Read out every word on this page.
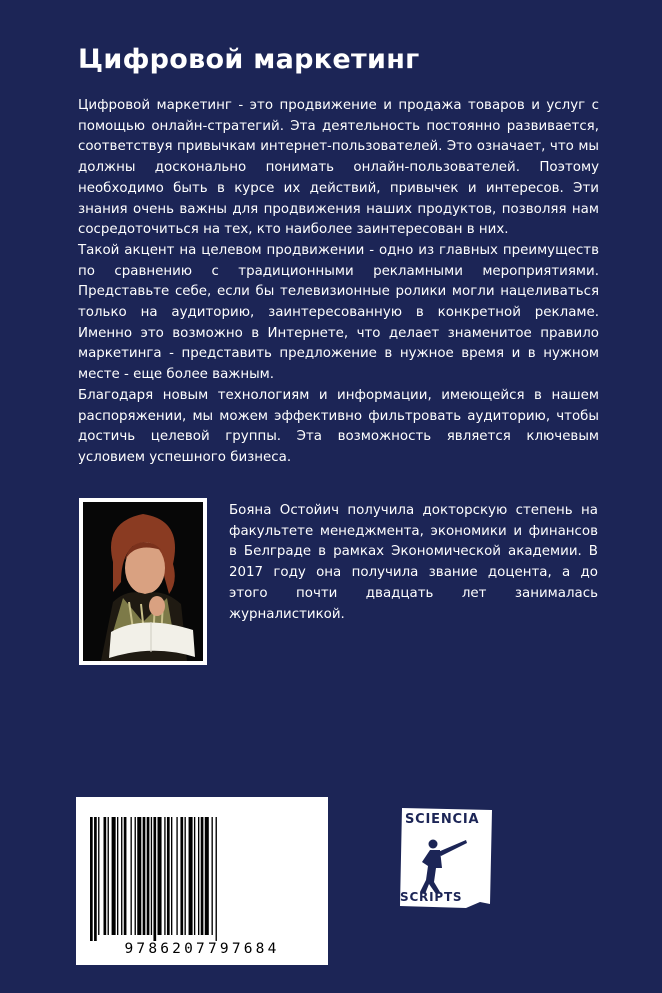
Цифровой маркетинг

Цифровой маркетинг - это продвижение и продажа товаров и услуг с помощью онлайн-стратегий. Эта деятельность постоянно развивается, соответствуя привычкам интернет-пользователей. Это означает, что мы должны досконально понимать онлайн-пользователей. Поэтому необходимо быть в курсе их действий, привычек и интересов. Эти знания очень важны для продвижения наших продуктов, позволяя нам сосредоточиться на тех, кто наиболее заинтересован в них.

Такой акцент на целевом продвижении - одно из главных преимуществ по сравнению с традиционными рекламными мероприятиями. Представьте себе, если бы телевизионные ролики могли нацеливаться только на аудиторию, заинтересованную в конкретной рекламе. Именно это возможно в Интернете, что делает знаменитое правило маркетинга - представить предложение в нужное время и в нужном месте - еще более важным.

Благодаря новым технологиям и информации, имеющейся в нашем распоряжении, мы можем эффективно фильтровать аудиторию, чтобы достичь целевой группы. Эта возможность является ключевым условием успешного бизнеса.

Бояна Остойич получила докторскую степень на факультете менеджмента, экономики и финансов в Белграде в рамках Экономической академии. В 2017 году она получила звание доцента, а до этого почти двадцать лет занималась журналистикой.
9786207797684
SCIENCIA
SCRIPTS
